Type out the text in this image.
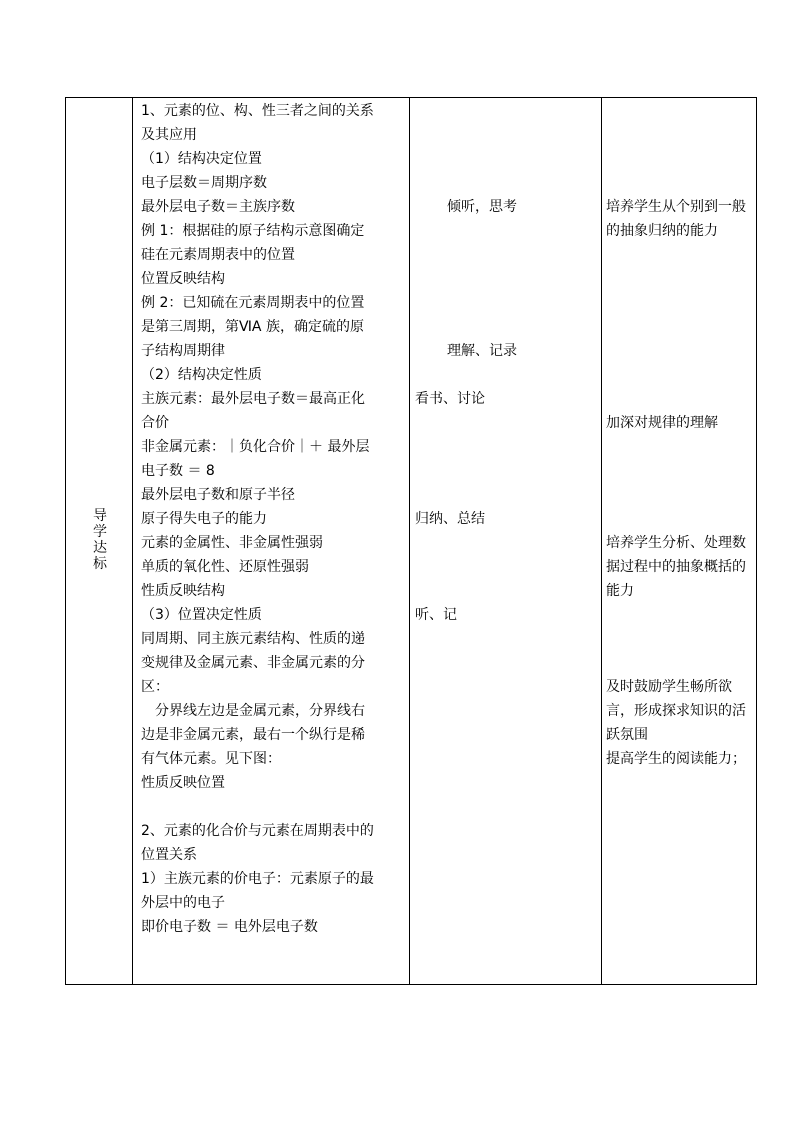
导
学
达
标
1、元素的位、构、性三者之间的关系
及其应用
（1）结构决定位置
电子层数＝周期序数
最外层电子数＝主族序数
例 1：根据硅的原子结构示意图确定
硅在元素周期表中的位置
位置反映结构
例 2：已知硫在元素周期表中的位置
是第三周期，第ⅥA 族，确定硫的原
子结构周期律
（2）结构决定性质
主族元素：最外层电子数＝最高正化
合价
非金属元素：｜负化合价｜＋ 最外层
电子数 ＝ 8
最外层电子数和原子半径
原子得失电子的能力
元素的金属性、非金属性强弱
单质的氧化性、还原性强弱
性质反映结构
（3）位置决定性质
同周期、同主族元素结构、性质的递
变规律及金属元素、非金属元素的分
区：
　分界线左边是金属元素，分界线右
边是非金属元素，最右一个纵行是稀
有气体元素。见下图：
性质反映位置
2、元素的化合价与元素在周期表中的
位置关系
1）主族元素的价电子：元素原子的最
外层中的电子
即价电子数 ＝ 电外层电子数
倾听，思考
理解、记录
看书、讨论
归纳、总结
听、记
培养学生从个别到一般的抽象归纳的能力
加深对规律的理解
培养学生分析、处理数据过程中的抽象概括的能力
及时鼓励学生畅所欲言，形成探求知识的活跃氛围
提高学生的阅读能力；
